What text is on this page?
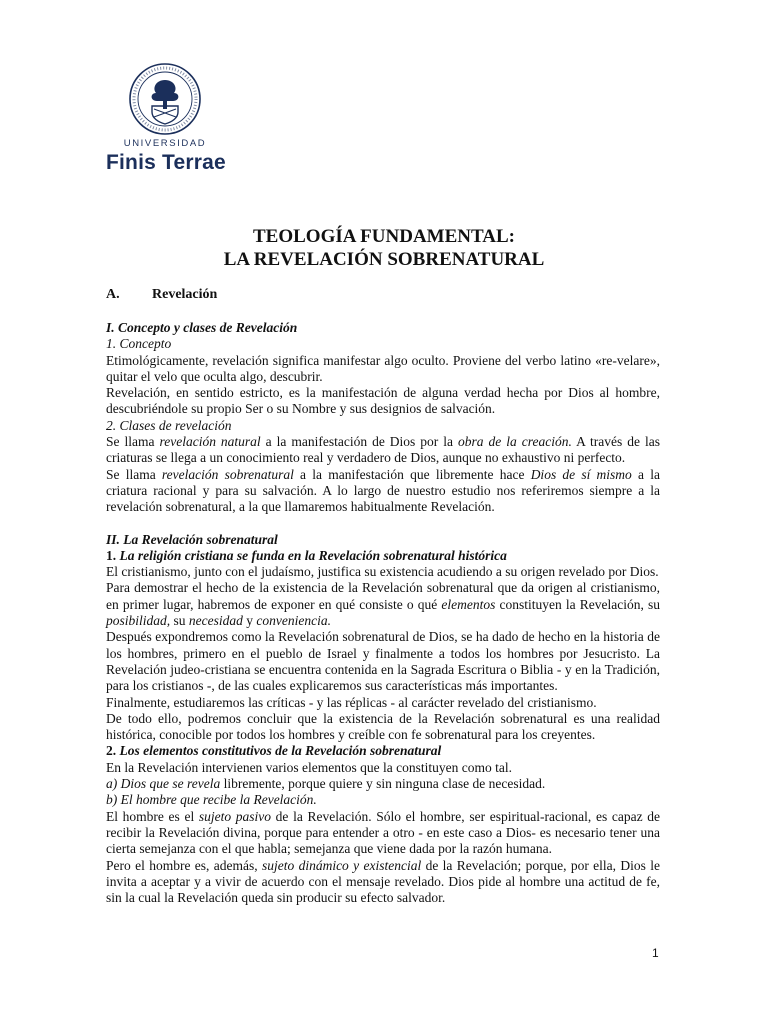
UNIVERSIDAD
Finis Terrae
TEOLOGÍA FUNDAMENTAL:
LA REVELACIÓN SOBRENATURAL
A. Revelación

I. Concepto y clases de Revelación

1. Concepto

Etimológicamente, revelación significa manifestar algo oculto. Proviene del verbo latino «re-velare», quitar el velo que oculta algo, descubrir.

Revelación, en sentido estricto, es la manifestación de alguna verdad hecha por Dios al hombre, descubriéndole su propio Ser o su Nombre y sus designios de salvación.

2. Clases de revelación

Se llama revelación natural a la manifestación de Dios por la obra de la creación. A través de las criaturas se llega a un conocimiento real y verdadero de Dios, aunque no exhaustivo ni perfecto.

Se llama revelación sobrenatural a la manifestación que libremente hace Dios de sí mismo a la criatura racional y para su salvación. A lo largo de nuestro estudio nos referiremos siempre a la revelación sobrenatural, a la que llamaremos habitualmente Revelación.

II. La Revelación sobrenatural

1. La religión cristiana se funda en la Revelación sobrenatural histórica

El cristianismo, junto con el judaísmo, justifica su existencia acudiendo a su origen revelado por Dios.

Para demostrar el hecho de la existencia de la Revelación sobrenatural que da origen al cristianismo, en primer lugar, habremos de exponer en qué consiste o qué elementos constituyen la Revelación, su posibilidad, su necesidad y conveniencia.

Después expondremos como la Revelación sobrenatural de Dios, se ha dado de hecho en la historia de los hombres, primero en el pueblo de Israel y finalmente a todos los hombres por Jesucristo. La Revelación judeo-cristiana se encuentra contenida en la Sagrada Escritura o Biblia - y en la Tradición, para los cristianos -, de las cuales explicaremos sus características más importantes.

Finalmente, estudiaremos las críticas - y las réplicas - al carácter revelado del cristianismo.

De todo ello, podremos concluir que la existencia de la Revelación sobrenatural es una realidad histórica, conocible por todos los hombres y creíble con fe sobrenatural para los creyentes.

2. Los elementos constitutivos de la Revelación sobrenatural

En la Revelación intervienen varios elementos que la constituyen como tal.

a) Dios que se revela libremente, porque quiere y sin ninguna clase de necesidad.

b) El hombre que recibe la Revelación.

El hombre es el sujeto pasivo de la Revelación. Sólo el hombre, ser espiritual-racional, es capaz de recibir la Revelación divina, porque para entender a otro - en este caso a Dios- es necesario tener una cierta semejanza con el que habla; semejanza que viene dada por la razón humana.

Pero el hombre es, además, sujeto dinámico y existencial de la Revelación; porque, por ella, Dios le invita a aceptar y a vivir de acuerdo con el mensaje revelado. Dios pide al hombre una actitud de fe, sin la cual la Revelación queda sin producir su efecto salvador.

1
